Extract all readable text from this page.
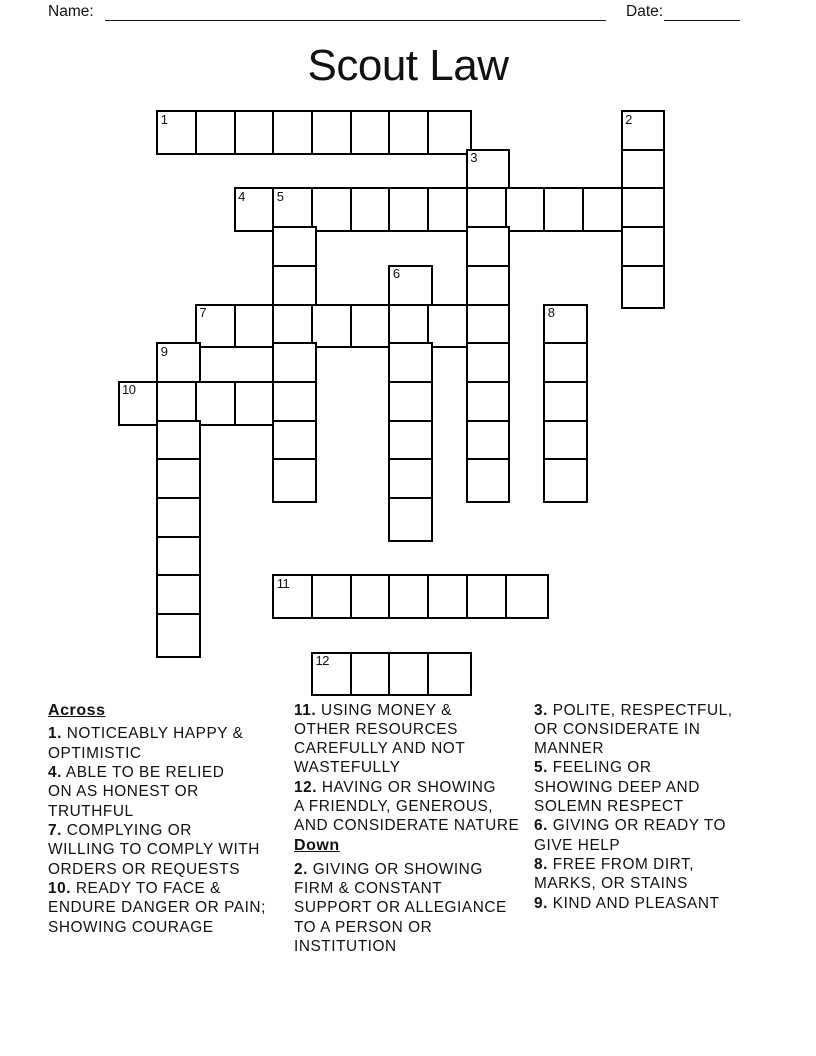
Name:	Date:
Scout Law
1	2
3
4 5
6
7	8
9
10
11
12
Across
1. NOTICEABLY HAPPY &
OPTIMISTIC
4. ABLE TO BE RELIED
ON AS HONEST OR
TRUTHFUL
7. COMPLYING OR
WILLING TO COMPLY WITH
ORDERS OR REQUESTS
10. READY TO FACE &
ENDURE DANGER OR PAIN;
SHOWING COURAGE
11. USING MONEY &
OTHER RESOURCES
CAREFULLY AND NOT
WASTEFULLY
12. HAVING OR SHOWING
A FRIENDLY, GENEROUS,
AND CONSIDERATE NATURE
Down
2. GIVING OR SHOWING
FIRM & CONSTANT
SUPPORT OR ALLEGIANCE
TO A PERSON OR
INSTITUTION
3. POLITE, RESPECTFUL,
OR CONSIDERATE IN
MANNER
5. FEELING OR
SHOWING DEEP AND
SOLEMN RESPECT
6. GIVING OR READY TO
GIVE HELP
8. FREE FROM DIRT,
MARKS, OR STAINS
9. KIND AND PLEASANT
